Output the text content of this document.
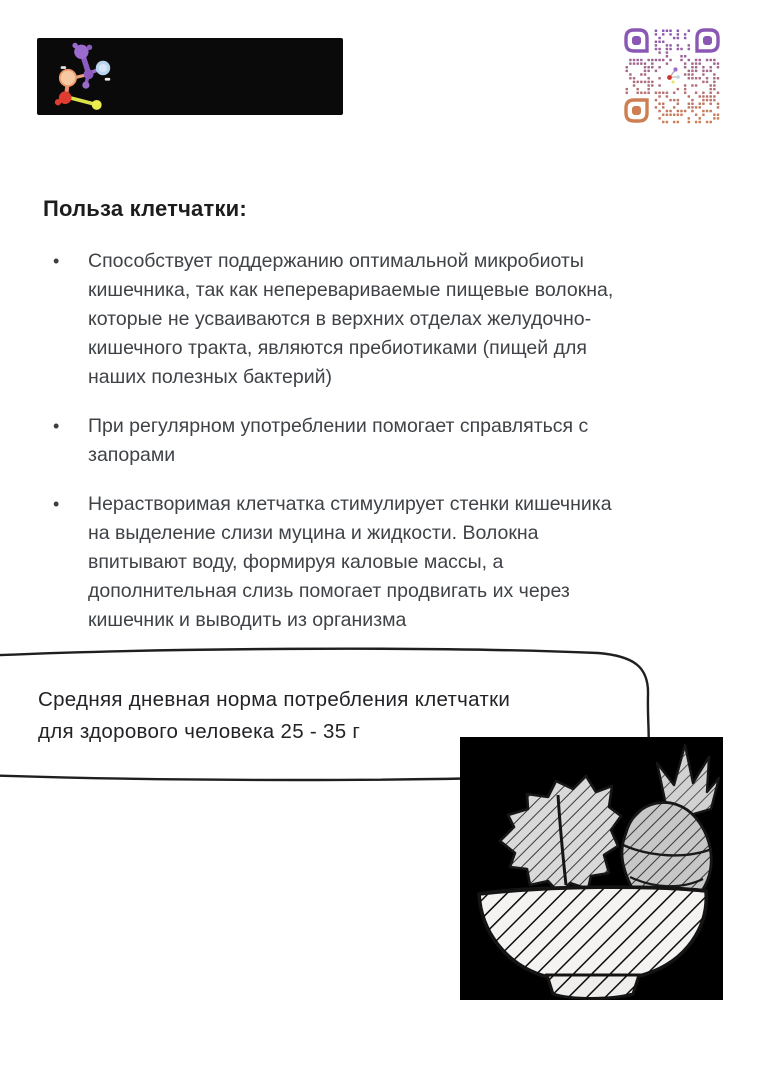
Польза клетчатки:
•	Способствует поддержанию оптимальной микробиоты
кишечника, так как неперевариваемые пищевые волокна,
которые не усваиваются в верхних отделах желудочно-
кишечного тракта, являются пребиотиками (пищей для
наших полезных бактерий)
•	При регулярном употреблении помогает справляться с
запорами
•	Нерастворимая клетчатка стимулирует стенки кишечника
на выделение слизи муцина и жидкости. Волокна
впитывают воду, формируя каловые массы, а
дополнительная слизь помогает продвигать их через
кишечник и выводить из организма
Средняя дневная норма потребления клетчатки
для здорового человека 25 - 35 г
